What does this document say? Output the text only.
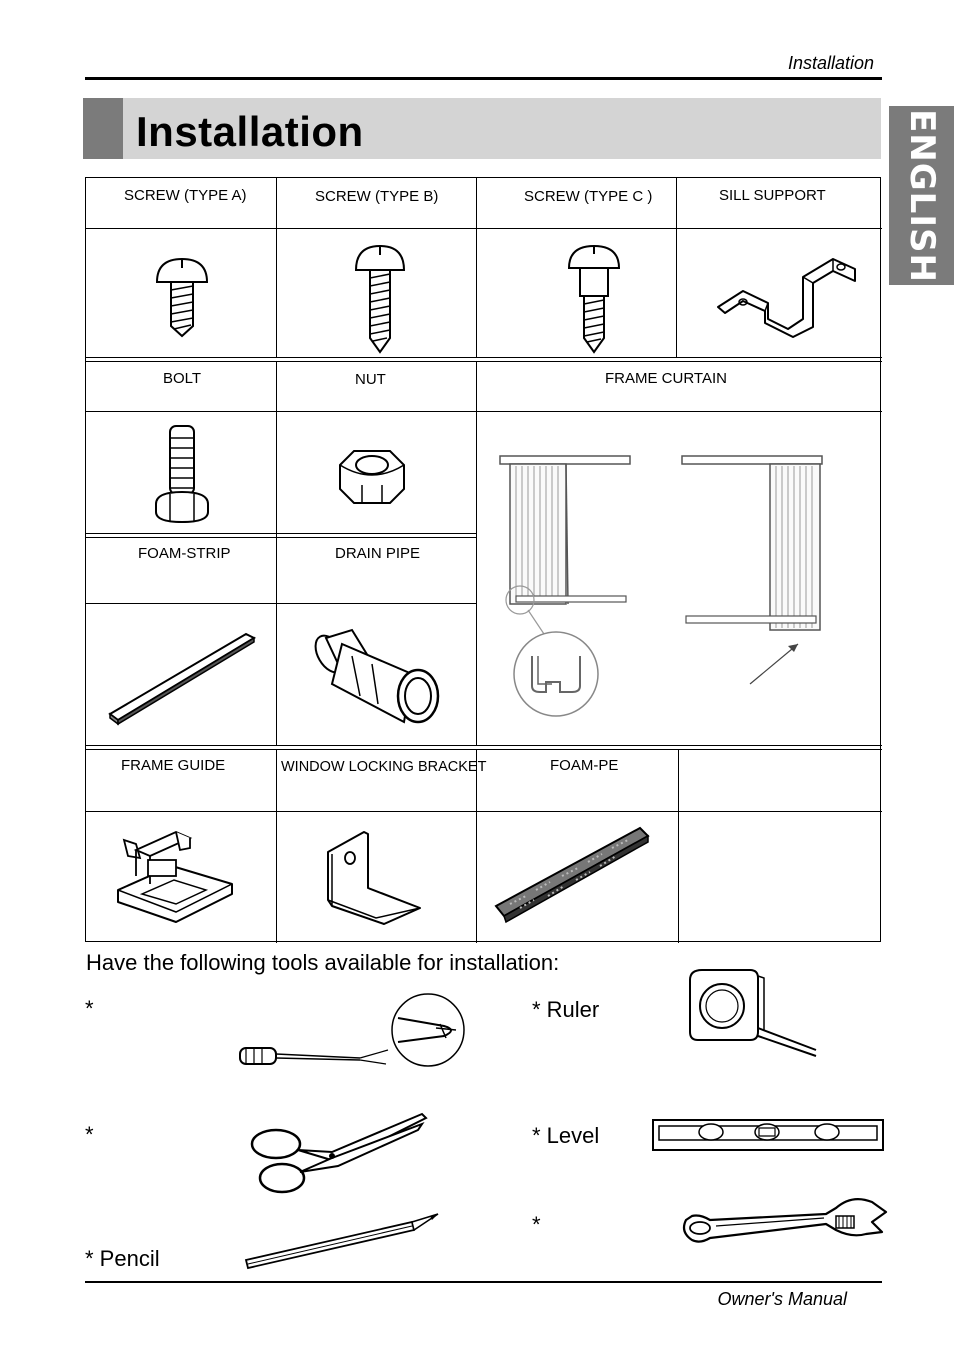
Installation
Installation	ENGLISH
SCREW (TYPE A)	SCREW (TYPE B)	SCREW (TYPE C )	SILL SUPPORT
BOLT	NUT	FRAME CURTAIN
FOAM-STRIP	DRAIN PIPE
FRAME GUIDE	WINDOW LOCKING BRACKET	FOAM-PE
Have the following tools available for installation:
*	* Ruler
*	* Level
* Pencil
*
Owner's Manual
